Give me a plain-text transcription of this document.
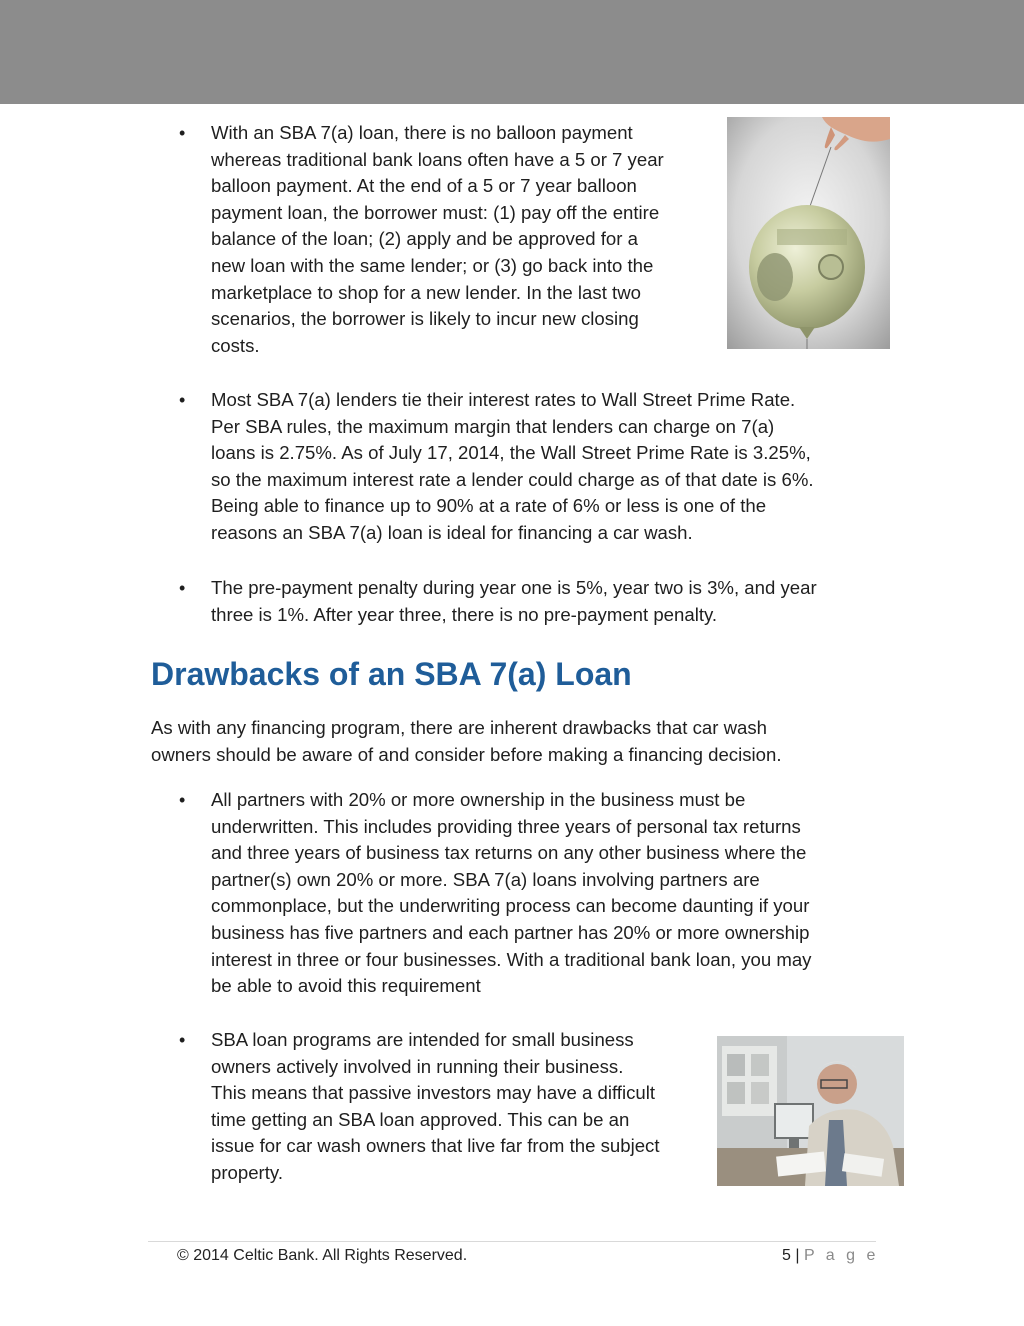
• With an SBA 7(a) loan, there is no balloon payment
whereas traditional bank loans often have a 5 or 7 year
balloon payment. At the end of a 5 or 7 year balloon
payment loan, the borrower must: (1) pay off the entire
balance of the loan; (2) apply and be approved for a
new loan with the same lender; or (3) go back into the
marketplace to shop for a new lender. In the last two
scenarios, the borrower is likely to incur new closing
costs.
• Most SBA 7(a) lenders tie their interest rates to Wall Street Prime Rate.
Per SBA rules, the maximum margin that lenders can charge on 7(a)
loans is 2.75%. As of July 17, 2014, the Wall Street Prime Rate is 3.25%,
so the maximum interest rate a lender could charge as of that date is 6%.
Being able to finance up to 90% at a rate of 6% or less is one of the
reasons an SBA 7(a) loan is ideal for financing a car wash.
• The pre-payment penalty during year one is 5%, year two is 3%, and year
three is 1%. After year three, there is no pre-payment penalty.
Drawbacks of an SBA 7(a) Loan
As with any financing program, there are inherent drawbacks that car wash
owners should be aware of and consider before making a financing decision.
• All partners with 20% or more ownership in the business must be
underwritten. This includes providing three years of personal tax returns
and three years of business tax returns on any other business where the
partner(s) own 20% or more. SBA 7(a) loans involving partners are
commonplace, but the underwriting process can become daunting if your
business has five partners and each partner has 20% or more ownership
interest in three or four businesses. With a traditional bank loan, you may
be able to avoid this requirement
• SBA loan programs are intended for small business
owners actively involved in running their business.
This means that passive investors may have a difficult
time getting an SBA loan approved. This can be an
issue for car wash owners that live far from the subject
property.
© 2014 Celtic Bank. All Rights Reserved.	5 | P a g e
